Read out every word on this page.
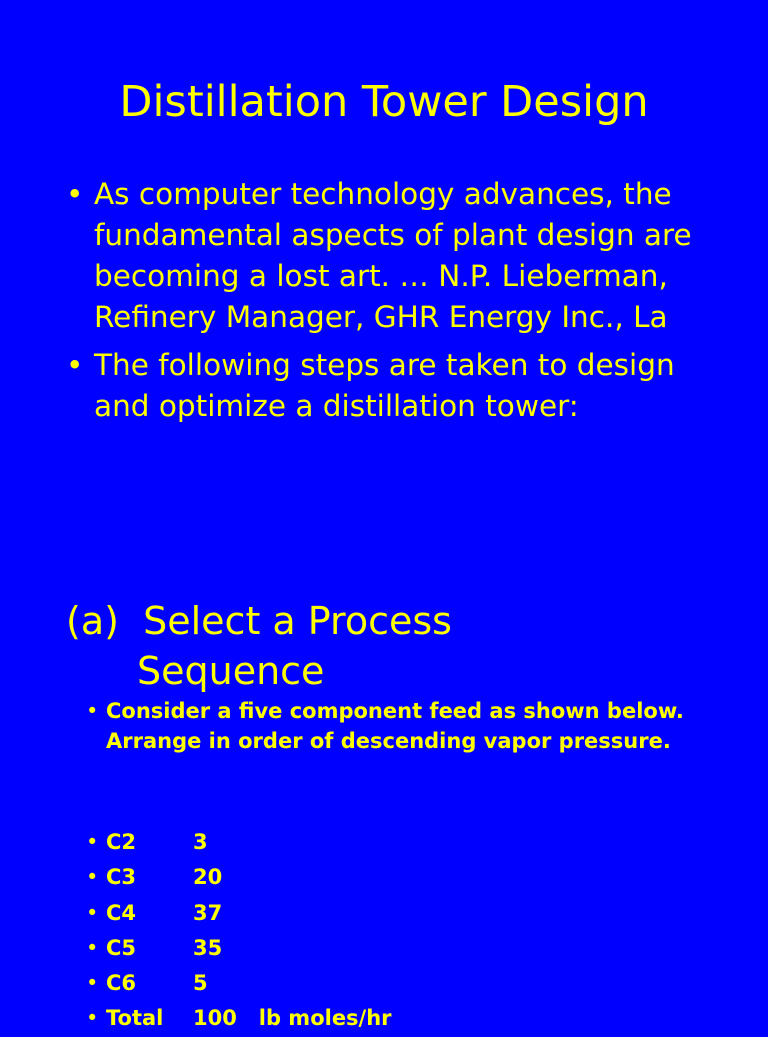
Distillation Tower Design
• As computer technology advances, the fundamental aspects of plant design are becoming a lost art. … N.P. Lieberman, Refinery Manager, GHR Energy Inc., La
• The following steps are taken to design and optimize a distillation tower:
(a) Select a Process
Sequence
• Consider a five component feed as shown below. Arrange in order of descending vapor pressure.
• C2	3
• C3	20
• C4	37
• C5	35
• C6	5
• Total 100   lb moles/hr
